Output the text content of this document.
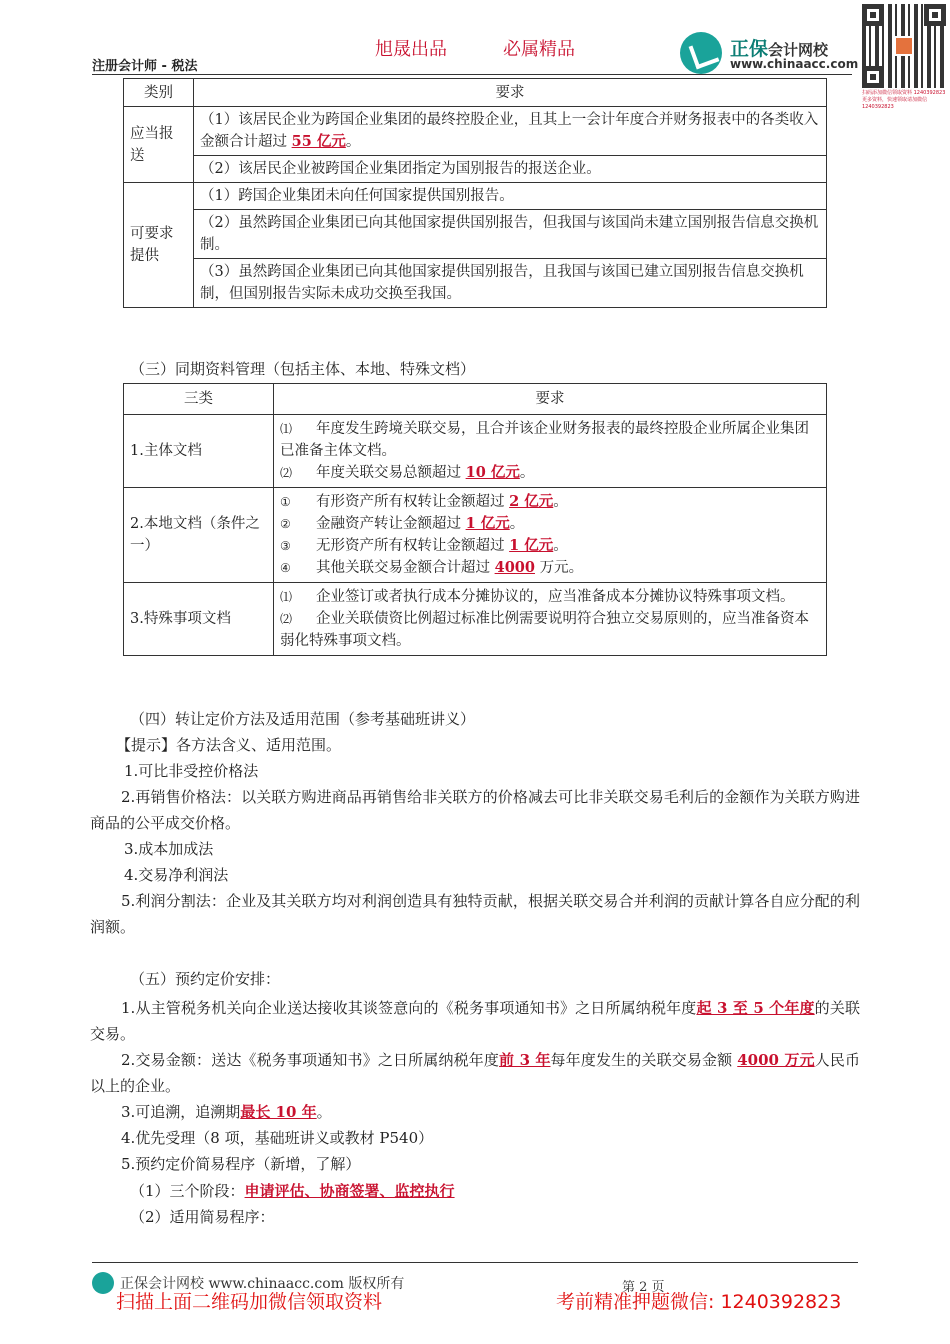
旭晟出品	必属精品
注册会计师 - 税法
正保会计网校
www.chinaacc.com
扫码添加微信领取资料 1240392823 更多资料，快速领取请加微信 1240392823
类别	要求
应当报送	（1）该居民企业为跨国企业集团的最终控股企业，且其上一会计年度合并财务报表中的各类收入金额合计超过 55 亿元。
	（2）该居民企业被跨国企业集团指定为国别报告的报送企业。
可要求提供	（1）跨国企业集团未向任何国家提供国别报告。
	（2）虽然跨国企业集团已向其他国家提供国别报告，但我国与该国尚未建立国别报告信息交换机制。
	（3）虽然跨国企业集团已向其他国家提供国别报告，且我国与该国已建立国别报告信息交换机制，但国别报告实际未成功交换至我国。
（三）同期资料管理（包括主体、本地、特殊文档）
三类	要求
1.主体文档	⑴ 年度发生跨境关联交易，且合并该企业财务报表的最终控股企业所属企业集团已准备主体文档。
⑵ 年度关联交易总额超过 10 亿元。

2.本地文档（条件之一）	① 有形资产所有权转让金额超过 2 亿元。
② 金融资产转让金额超过 1 亿元。
③ 无形资产所有权转让金额超过 1 亿元。
④ 其他关联交易金额合计超过 4000 万元。

3.特殊事项文档	⑴ 企业签订或者执行成本分摊协议的，应当准备成本分摊协议特殊事项文档。
⑵ 企业关联债资比例超过标准比例需要说明符合独立交易原则的，应当准备资本弱化特殊事项文档。
（四）转让定价方法及适用范围（参考基础班讲义）
【提示】各方法含义、适用范围。
1.可比非受控价格法
2.再销售价格法：以关联方购进商品再销售给非关联方的价格减去可比非关联交易毛利后的金额作为关联方购进商品的公平成交价格。
3.成本加成法
4.交易净利润法
5.利润分割法：企业及其关联方均对利润创造具有独特贡献，根据关联交易合并利润的贡献计算各自应分配的利润额。
（五）预约定价安排：
1.从主管税务机关向企业送达接收其谈签意向的《税务事项通知书》之日所属纳税年度起 3 至 5 个年度的关联交易。
2.交易金额：送达《税务事项通知书》之日所属纳税年度前 3 年每年度发生的关联交易金额 4000 万元人民币以上的企业。
3.可追溯，追溯期最长 10 年。
4.优先受理（8 项，基础班讲义或教材 P540）
5.预约定价简易程序（新增，了解）
（1）三个阶段：申请评估、协商签署、监控执行
（2）适用简易程序：
正保会计网校 www.chinaacc.com 版权所有	第 2 页
扫描上面二维码加微信领取资料	考前精准押题微信: 1240392823
